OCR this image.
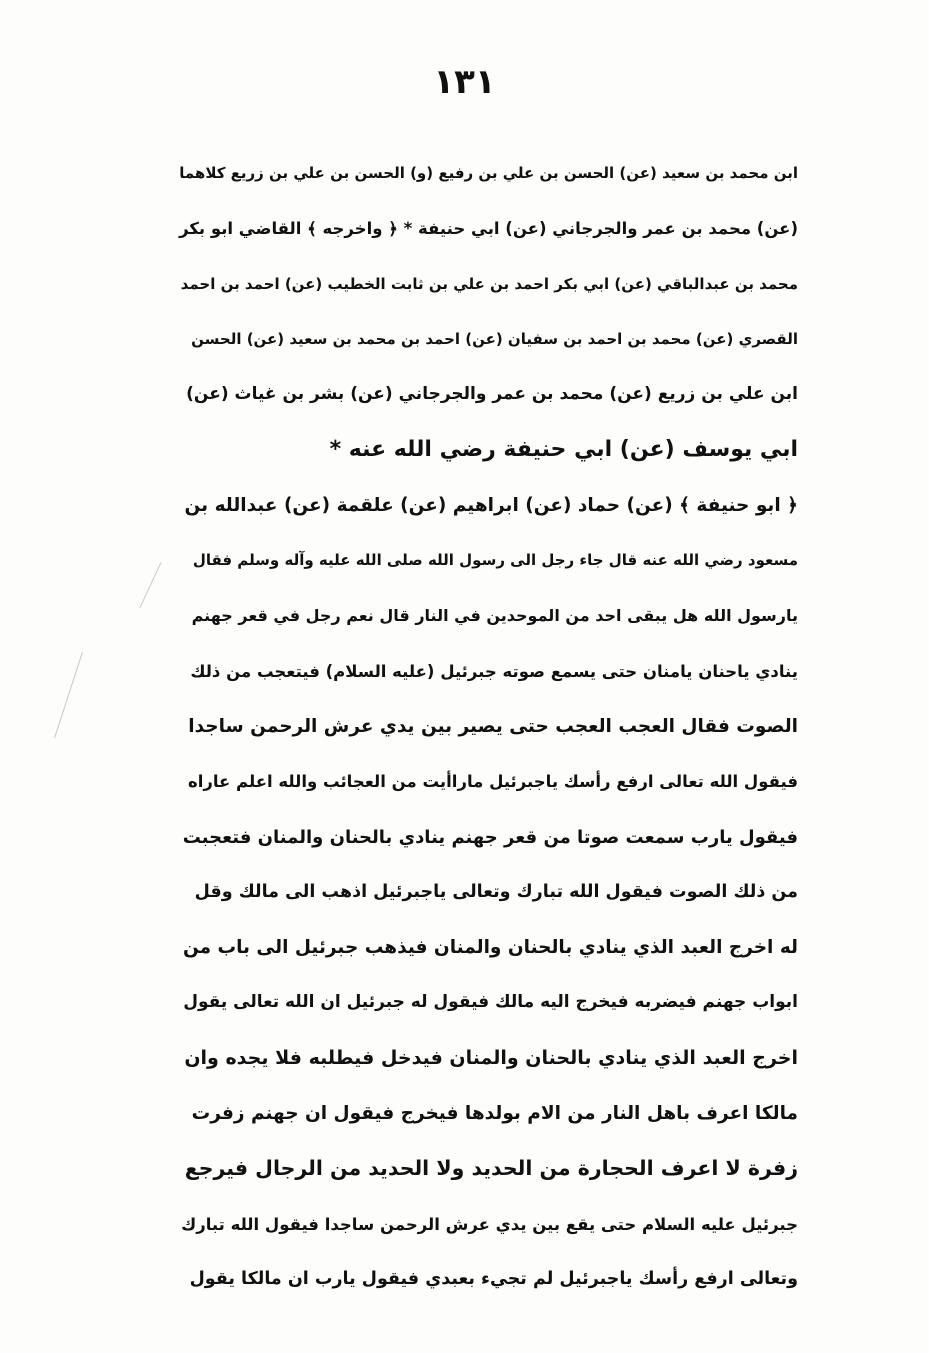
١٣١
ابن محمد بن سعيد (عن) الحسن بن علي بن رفيع (و) الحسن بن علي بن زريع كلاهما
(عن) محمد بن عمر والجرجاني (عن) ابي حنيفة * ﴿ واخرجه ﴾ القاضي ابو بكر
محمد بن عبدالباقي (عن) ابي بكر احمد بن علي بن ثابت الخطيب (عن) احمد بن احمد
القصري (عن) محمد بن احمد بن سفيان (عن) احمد بن محمد بن سعيد (عن) الحسن
ابن علي بن زريع (عن) محمد بن عمر والجرجاني (عن) بشر بن غياث (عن)
ابي يوسف (عن) ابي حنيفة رضي الله عنه *
﴿ ابو حنيفة ﴾ (عن) حماد (عن) ابراهيم (عن) علقمة (عن) عبدالله بن
مسعود رضي الله عنه قال جاء رجل الى رسول الله صلى الله عليه وآله وسلم فقال
يارسول الله هل يبقى احد من الموحدين في النار قال نعم رجل في قعر جهنم
ينادي ياحنان يامنان حتى يسمع صوته جبرئيل (عليه السلام) فيتعجب من ذلك
الصوت فقال العجب العجب حتى يصير بين يدي عرش الرحمن ساجدا
فيقول الله تعالى ارفع رأسك ياجبرئيل ماراأيت من العجائب والله اعلم عاراه
فيقول يارب سمعت صوتا من قعر جهنم ينادي بالحنان والمنان فتعجبت
من ذلك الصوت فيقول الله تبارك وتعالى ياجبرئيل اذهب الى مالك وقل
له اخرج العبد الذي ينادي بالحنان والمنان فيذهب جبرئيل الى باب من
ابواب جهنم فيضربه فيخرج اليه مالك فيقول له جبرئيل ان الله تعالى يقول
اخرج العبد الذي ينادي بالحنان والمنان فيدخل فيطلبه فلا يجده وان
مالكا اعرف باهل النار من الام بولدها فيخرج فيقول ان جهنم زفرت
زفرة لا اعرف الحجارة من الحديد ولا الحديد من الرجال فيرجع
جبرئيل عليه السلام حتى يقع بين يدي عرش الرحمن ساجدا فيقول الله تبارك
وتعالى ارفع رأسك ياجبرئيل لم تجيء بعبدي فيقول يارب ان مالكا يقول
